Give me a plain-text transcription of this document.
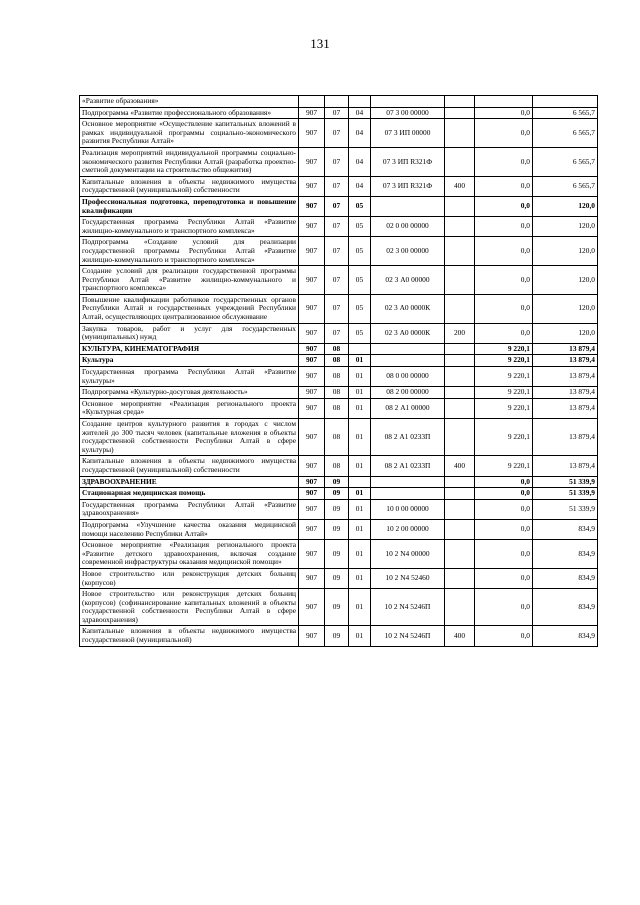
131
«Развитие образования»							
Подпрограмма «Развитие профессионального образования»	907	07	04	07 3 00 00000		0,0	6 565,7
Основное мероприятие «Осуществление капитальных вложений в рамках индивидуальной программы социально-экономического развития Республики Алтай»	907	07	04	07 3 ИП 00000		0,0	6 565,7
Реализация мероприятий индивидуальной программы социально-экономического развития Республики Алтай (разработка проектно-сметной документации на строительство общежития)	907	07	04	07 3 ИП R321Ф		0,0	6 565,7
Капитальные вложения в объекты недвижимого имущества государственной (муниципальной) собственности	907	07	04	07 3 ИП R321Ф	400	0,0	6 565,7
Профессиональная подготовка, переподготовка и повышение квалификации	907	07	05			0,0	120,0
Государственная программа Республики Алтай «Развитие жилищно-коммунального и транспортного комплекса»	907	07	05	02 0 00 00000		0,0	120,0
Подпрограмма «Создание условий для реализации государственной программы Республики Алтай «Развитие жилищно-коммунального и транспортного комплекса»	907	07	05	02 3 00 00000		0,0	120,0
Создание условий для реализации государственной программы Республики Алтай «Развитие жилищно-коммунального и транспортного комплекса»	907	07	05	02 3 А0 00000		0,0	120,0
Повышение квалификации работников государственных органов Республики Алтай и государственных учреждений Республики Алтай, осуществляющих централизованное обслуживание	907	07	05	02 3 А0 0000К		0,0	120,0
Закупка товаров, работ и услуг для государственных (муниципальных) нужд	907	07	05	02 3 А0 0000К	200	0,0	120,0
КУЛЬТУРА, КИНЕМАТОГРАФИЯ	907	08				9 220,1	13 879,4
Культура	907	08	01			9 220,1	13 879,4
Государственная программа Республики Алтай «Развитие культуры»	907	08	01	08 0 00 00000		9 220,1	13 879,4
Подпрограмма «Культурно-досуговая деятельность»	907	08	01	08 2 00 00000		9 220,1	13 879,4
Основное мероприятие «Реализация регионального проекта «Культурная среда»	907	08	01	08 2 А1 00000		9 220,1	13 879,4
Создание центров культурного развития в городах с числом жителей до 300 тысяч человек (капитальные вложения в объекты государственной собственности Республики Алтай в сфере культуры)	907	08	01	08 2 А1 0233П		9 220,1	13 879,4
Капитальные вложения в объекты недвижимого имущества государственной (муниципальной) собственности	907	08	01	08 2 А1 0233П	400	9 220,1	13 879,4
ЗДРАВООХРАНЕНИЕ	907	09				0,0	51 339,9
Стационарная медицинская помощь	907	09	01			0,0	51 339,9
Государственная программа Республики Алтай «Развитие здравоохранения»	907	09	01	10 0 00 00000		0,0	51 339,9
Подпрограмма «Улучшение качества оказания медицинской помощи населению Республики Алтай»	907	09	01	10 2 00 00000		0,0	834,9
Основное мероприятие «Реализация регионального проекта «Развитие детского здравоохранения, включая создание современной инфраструктуры оказания медицинской помощи»	907	09	01	10 2 N4 00000		0,0	834,9
Новое строительство или реконструкция детских больниц (корпусов)	907	09	01	10 2 N4 52460		0,0	834,9
Новое строительство или реконструкция детских больниц (корпусов) (софинансирование капитальных вложений в объекты государственной собственности Республики Алтай в сфере здравоохранения)	907	09	01	10 2 N4 5246П		0,0	834,9
Капитальные вложения в объекты недвижимого имущества государственной (муниципальной)	907	09	01	10 2 N4 5246П	400	0,0	834,9
